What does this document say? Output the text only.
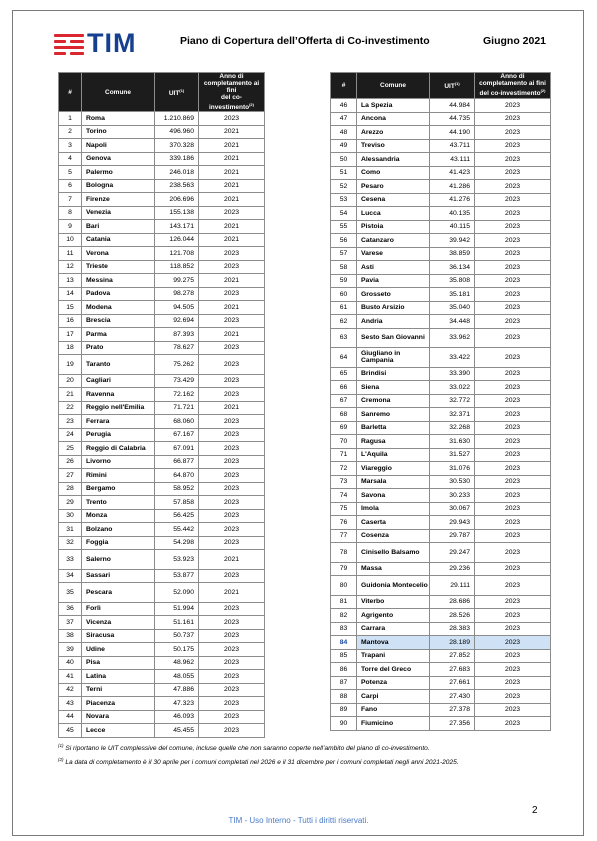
TIM	Piano di Copertura dell’Offerta di Co-investimento	Giugno 2021
#	Comune	UIT$^{(1)}$	Anno di
completamento ai fini
del co-investimento$^{(2)}$
1	Roma	1.210.869	2023
2	Torino	496.960	2021
3	Napoli	370.328	2021
4	Genova	339.186	2021
5	Palermo	246.018	2021
6	Bologna	238.563	2021
7	Firenze	206.696	2021
8	Venezia	155.138	2023
9	Bari	143.171	2021
10	Catania	126.044	2021
11	Verona	121.708	2023
12	Trieste	118.852	2023
13	Messina	99.275	2021
14	Padova	98.278	2023
15	Modena	94.505	2021
16	Brescia	92.694	2023
17	Parma	87.393	2021
18	Prato	78.627	2023
19	Taranto	75.262	2023
20	Cagliari	73.429	2023
21	Ravenna	72.162	2023
22	Reggio nell'Emilia	71.721	2021
23	Ferrara	68.060	2023
24	Perugia	67.167	2023
25	Reggio di Calabria	67.091	2023
26	Livorno	66.877	2023
27	Rimini	64.870	2023
28	Bergamo	58.952	2023
29	Trento	57.858	2023
30	Monza	56.425	2023
31	Bolzano	55.442	2023
32	Foggia	54.298	2023
33	Salerno	53.923	2021
34	Sassari	53.877	2023
35	Pescara	52.090	2021
36	Forlì	51.994	2023
37	Vicenza	51.161	2023
38	Siracusa	50.737	2023
39	Udine	50.175	2023
40	Pisa	48.962	2023
41	Latina	48.055	2023
42	Terni	47.886	2023
43	Piacenza	47.323	2023
44	Novara	46.093	2023
45	Lecce	45.455	2023
#	Comune	UIT$^{(1)}$	Anno di
completamento ai fini
del co-investimento$^{(2)}$
46	La Spezia	44.984	2023
47	Ancona	44.735	2023
48	Arezzo	44.190	2023
49	Treviso	43.711	2023
50	Alessandria	43.111	2023
51	Como	41.423	2023
52	Pesaro	41.286	2023
53	Cesena	41.276	2023
54	Lucca	40.135	2023
55	Pistoia	40.115	2023
56	Catanzaro	39.942	2023
57	Varese	38.859	2023
58	Asti	36.134	2023
59	Pavia	35.808	2023
60	Grosseto	35.181	2023
61	Busto Arsizio	35.040	2023
62	Andria	34.448	2023
63	Sesto San Giovanni	33.962	2023
64	Giugliano in Campania	33.422	2023
65	Brindisi	33.390	2023
66	Siena	33.022	2023
67	Cremona	32.772	2023
68	Sanremo	32.371	2023
69	Barletta	32.268	2023
70	Ragusa	31.630	2023
71	L'Aquila	31.527	2023
72	Viareggio	31.076	2023
73	Marsala	30.530	2023
74	Savona	30.233	2023
75	Imola	30.067	2023
76	Caserta	29.943	2023
77	Cosenza	29.787	2023
78	Cinisello Balsamo	29.247	2023
79	Massa	29.236	2023
80	Guidonia Montecelio	29.111	2023
81	Viterbo	28.686	2023
82	Agrigento	28.526	2023
83	Carrara	28.383	2023
84	Mantova	28.189	2023
85	Trapani	27.852	2023
86	Torre del Greco	27.683	2023
87	Potenza	27.661	2023
88	Carpi	27.430	2023
89	Fano	27.378	2023
90	Fiumicino	27.356	2023
$^{(1)}$ Si riportano le UIT complessive del comune, incluse quelle che non saranno coperte nell’ambito del piano di co-investimento.
$^{(2)}$ La data di completamento è il 30 aprile per i comuni completati nel 2026 e il 31 dicembre per i comuni completati negli anni 2021-2025.
2
TIM - Uso Interno - Tutti i diritti riservati.
